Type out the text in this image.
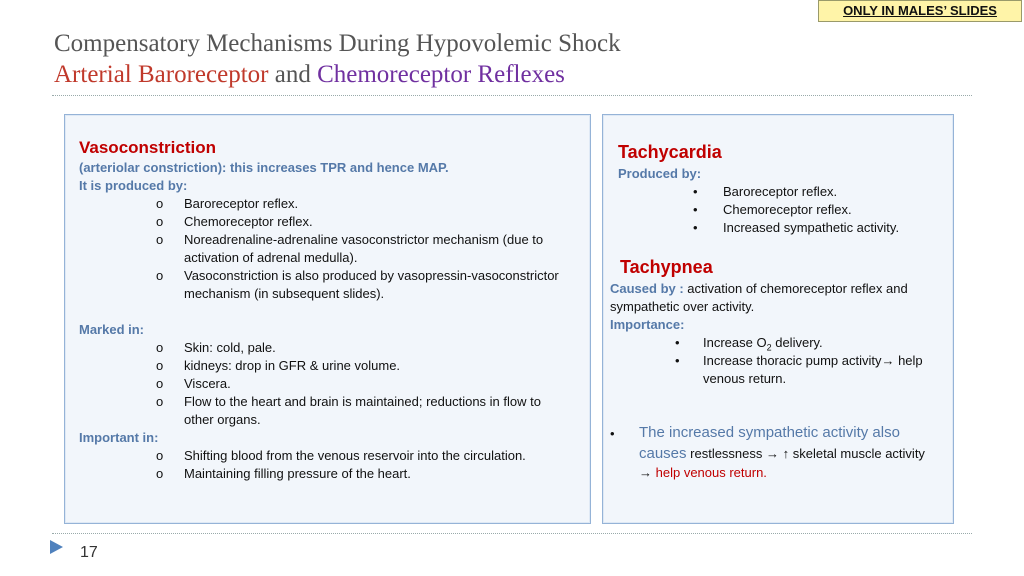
ONLY IN MALES’ SLIDES
Compensatory Mechanisms During Hypovolemic Shock
Arterial Baroreceptor and Chemoreceptor Reflexes
Vasoconstriction
(arteriolar constriction): this increases TPR and hence MAP.
It is produced by:
o Baroreceptor reflex.
o Chemoreceptor reflex.
o Noreadrenaline-adrenaline vasoconstrictor mechanism (due to
activation of adrenal medulla).
o Vasoconstriction is also produced by vasopressin-vasoconstrictor
mechanism (in subsequent slides).
Marked in:
o Skin: cold, pale.
o kidneys: drop in GFR & urine volume.
o Viscera.
o Flow to the heart and brain is maintained; reductions in flow to
other organs.
Important in:
o Shifting blood from the venous reservoir into the circulation.
o Maintaining filling pressure of the heart.
Tachycardia
Produced by:
• Baroreceptor reflex.
• Chemoreceptor reflex.
• Increased sympathetic activity.
Tachypnea
Caused by : activation of chemoreceptor reflex and
sympathetic over activity.
Importance:
• Increase $O_2$ delivery.
• Increase thoracic pump activity→ help
venous return.
• The increased sympathetic activity also
causes restlessness → ↑ skeletal muscle activity
→ help venous return.
17
